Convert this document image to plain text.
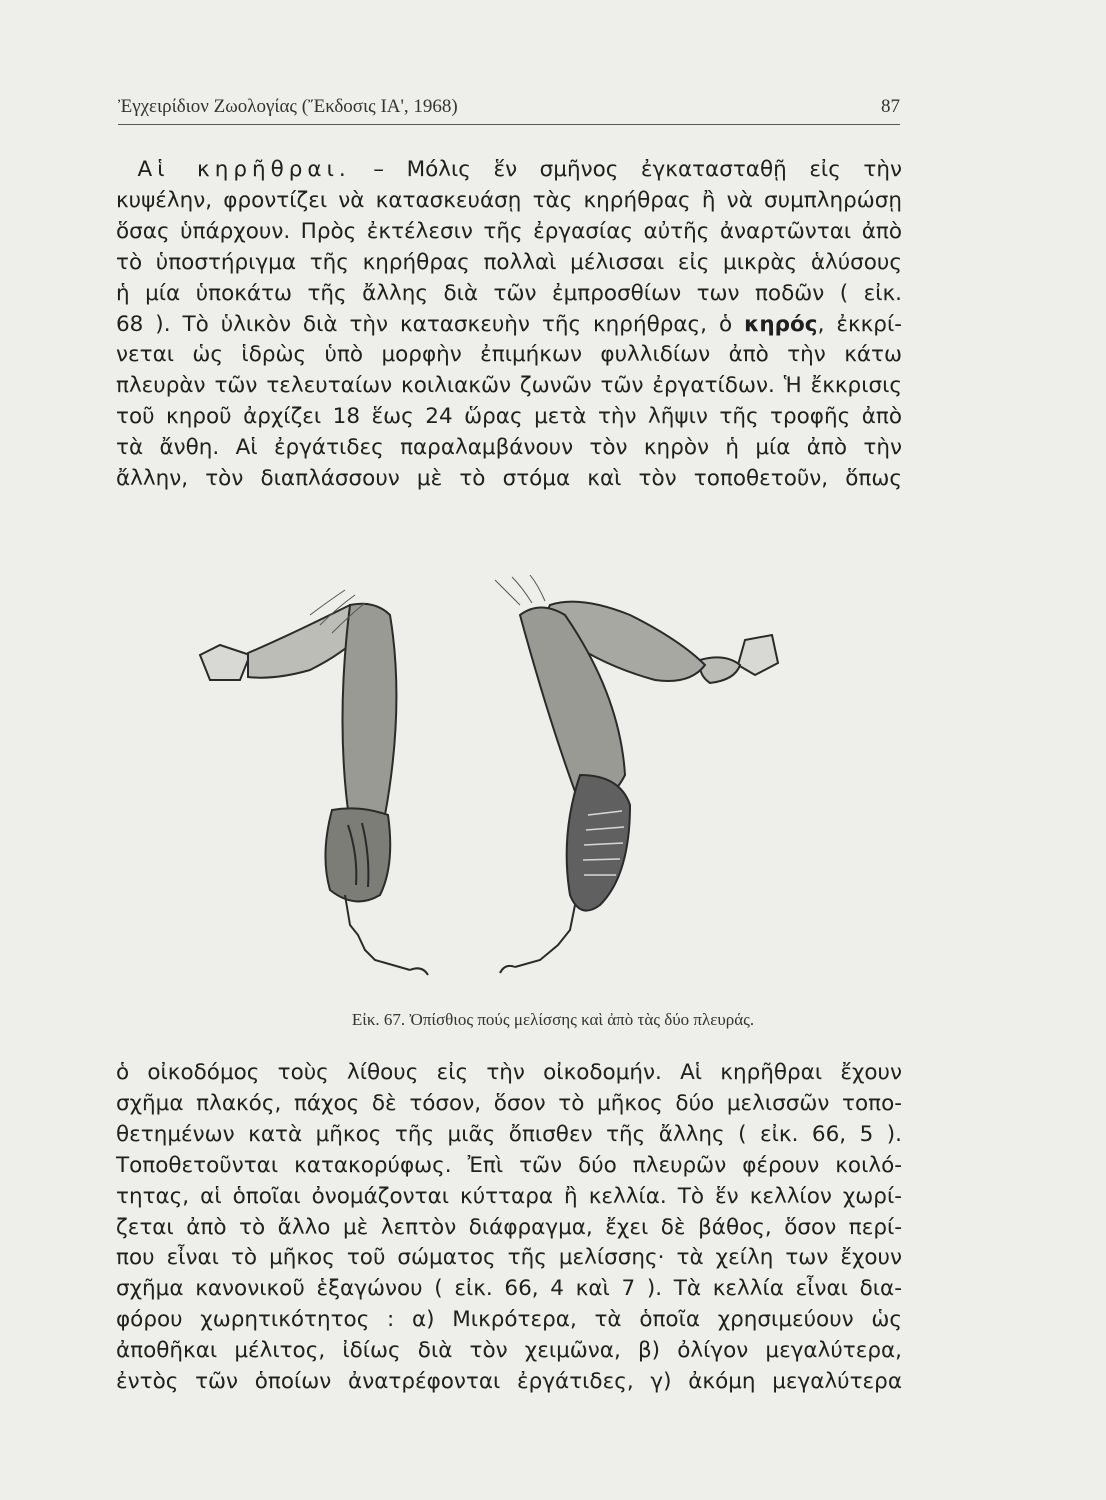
Ἐγχειρίδιον Ζωολογίας (Ἔκδοσις ΙΑ', 1968)	87
 Αἱ κηρῆθραι. – Μόλις ἕν σμῆνος ἐγκατασταθῇ εἰς τὴν
κυψέλην, φροντίζει νὰ κατασκευάσῃ τὰς κηρήθρας ἢ νὰ συμπληρώσῃ
ὅσας ὑπάρχουν. Πρὸς ἐκτέλεσιν τῆς ἐργασίας αὐτῆς ἀναρτῶνται ἀπὸ
τὸ ὑποστήριγμα τῆς κηρήθρας πολλαὶ μέλισσαι εἰς μικρὰς ἁλύσους
ἡ μία ὑποκάτω τῆς ἄλλης διὰ τῶν ἐμπροσθίων των ποδῶν ( εἰκ.
68 ). Τὸ ὑλικὸν διὰ τὴν κατασκευὴν τῆς κηρήθρας, ὁ κηρός, ἐκκρί-
νεται ὡς ἱδρὼς ὑπὸ μορφὴν ἐπιμήκων φυλλιδίων ἀπὸ τὴν κάτω
πλευρὰν τῶν τελευταίων κοιλιακῶν ζωνῶν τῶν ἐργατίδων. Ἡ ἔκκρισις
τοῦ κηροῦ ἀρχίζει 18 ἕως 24 ὥρας μετὰ τὴν λῆψιν τῆς τροφῆς ἀπὸ
τὰ ἄνθη. Αἱ ἐργάτιδες παραλαμβάνουν τὸν κηρὸν ἡ μία ἀπὸ τὴν
ἄλλην, τὸν διαπλάσσουν μὲ τὸ στόμα καὶ τὸν τοποθετοῦν, ὅπως
Εἰκ. 67. Ὀπίσθιος πούς μελίσσης καὶ ἀπὸ τὰς δύο πλευράς.
ὁ οἰκοδόμος τοὺς λίθους εἰς τὴν οἰκοδομήν. Αἱ κηρῆθραι ἔχουν
σχῆμα πλακός, πάχος δὲ τόσον, ὅσον τὸ μῆκος δύο μελισσῶν τοπο-
θετημένων κατὰ μῆκος τῆς μιᾶς ὄπισθεν τῆς ἄλλης ( εἰκ. 66, 5 ).
Τοποθετοῦνται κατακορύφως. Ἐπὶ τῶν δύο πλευρῶν φέρουν κοιλό-
τητας, αἱ ὁποῖαι ὀνομάζονται κύτταρα ἢ κελλία. Τὸ ἕν κελλίον χωρί-
ζεται ἀπὸ τὸ ἄλλο μὲ λεπτὸν διάφραγμα, ἔχει δὲ βάθος, ὅσον περί-
που εἶναι τὸ μῆκος τοῦ σώματος τῆς μελίσσης· τὰ χείλη των ἔχουν
σχῆμα κανονικοῦ ἑξαγώνου ( εἰκ. 66, 4 καὶ 7 ). Τὰ κελλία εἶναι δια-
φόρου χωρητικότητος : α) Μικρότερα, τὰ ὁποῖα χρησιμεύουν ὡς
ἀποθῆκαι μέλιτος, ἰδίως διὰ τὸν χειμῶνα, β) ὀλίγον μεγαλύτερα,
ἐντὸς τῶν ὁποίων ἀνατρέφονται ἐργάτιδες, γ) ἀκόμη μεγαλύτερα
